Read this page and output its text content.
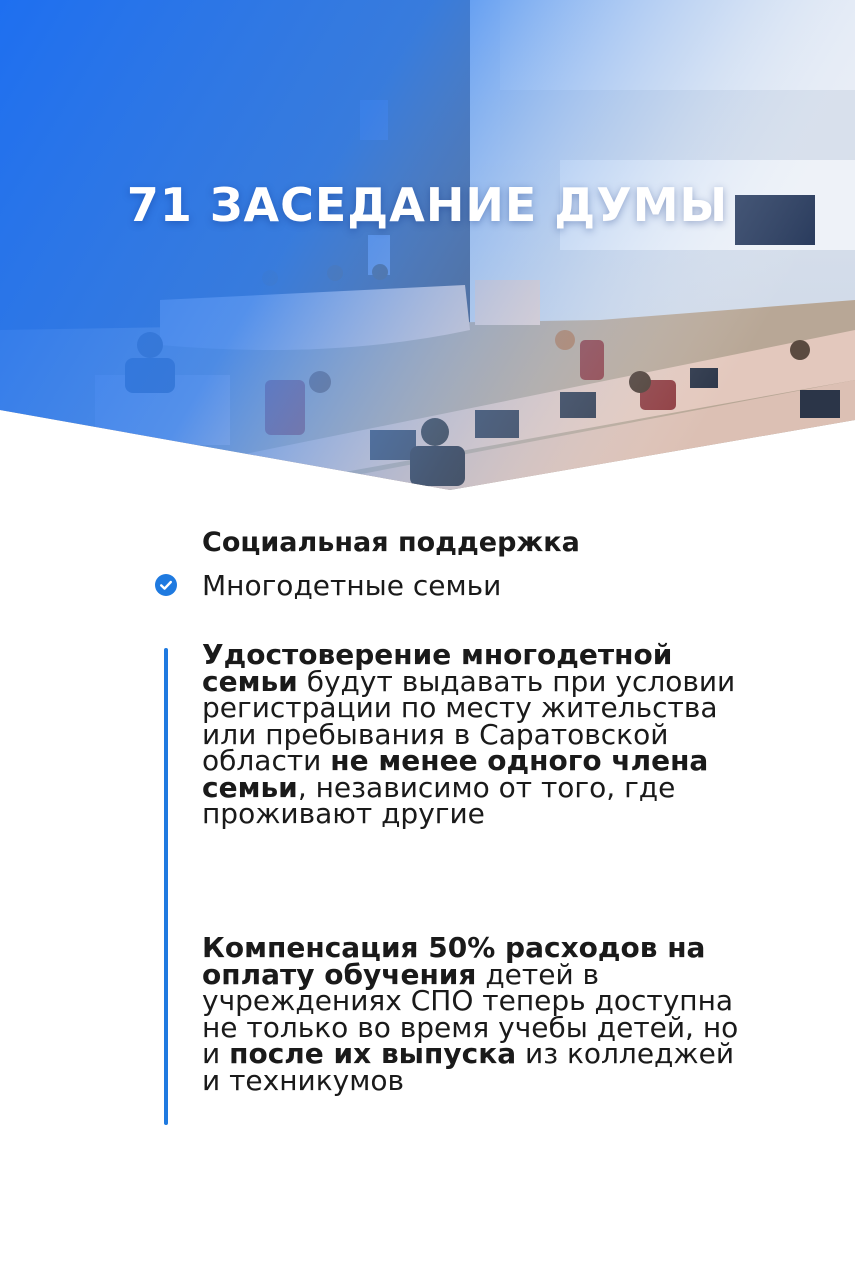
71 ЗАСЕДАНИЕ ДУМЫ
Социальная поддержка
Многодетные семьи

Удостоверение многодетной семьи будут выдавать при условии регистрации по месту жительства или пребывания в Саратовской области не менее одного члена семьи, независимо от того, где проживают другие

Компенсация 50% расходов на оплату обучения детей в учреждениях СПО теперь доступна не только во время учебы детей, но и после их выпуска из колледжей и техникумов
